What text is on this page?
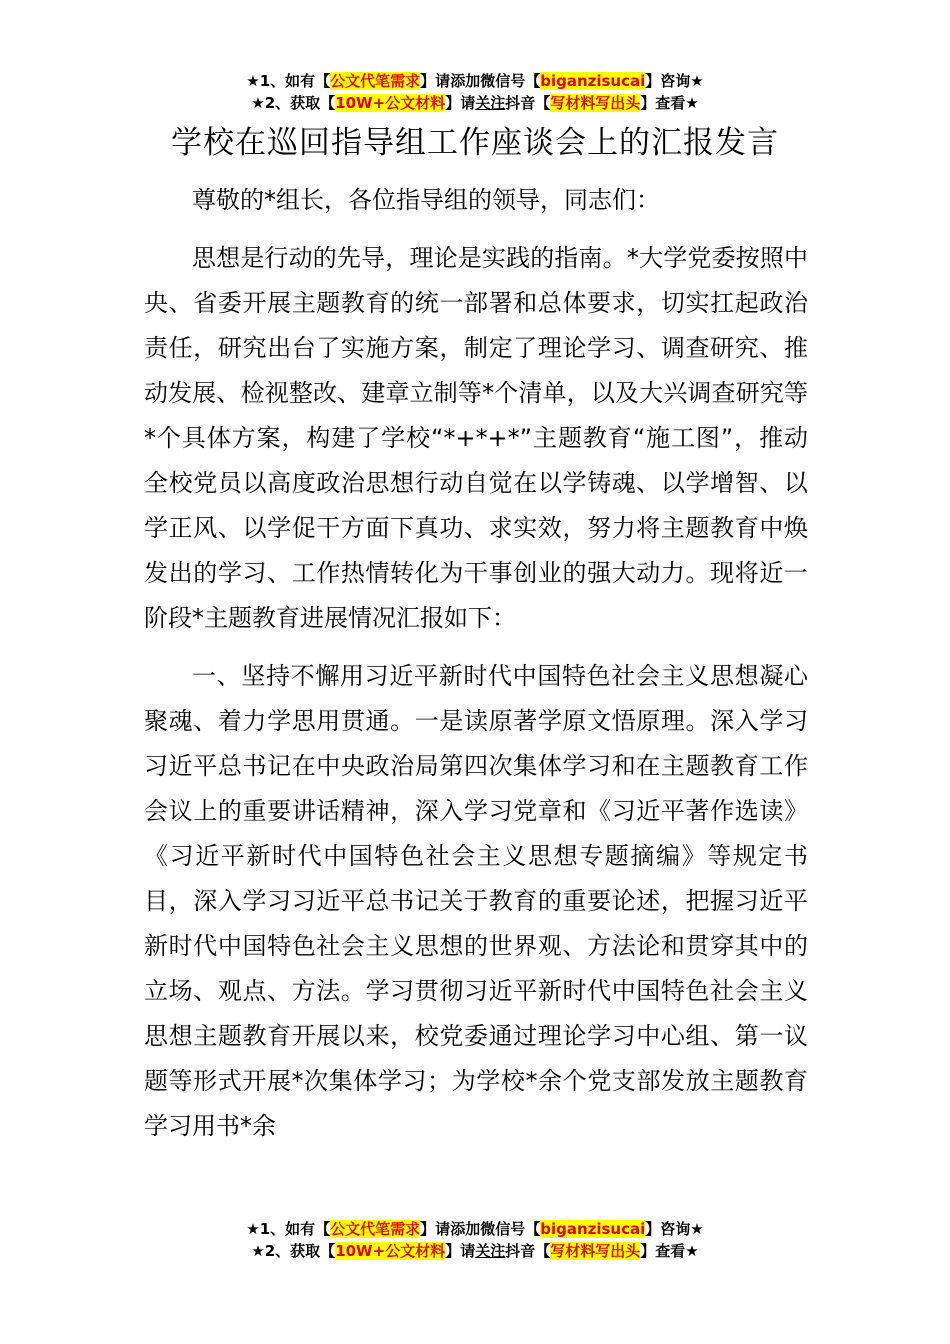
★1、如有【公文代笔需求】请添加微信号【biganzisucai】咨询★
★2、获取【10W+公文材料】请关注抖音【写材料写出头】查看★
学校在巡回指导组工作座谈会上的汇报发言

尊敬的*组长，各位指导组的领导，同志们：

思想是行动的先导，理论是实践的指南。*大学党委按照中央、省委开展主题教育的统一部署和总体要求，切实扛起政治责任，研究出台了实施方案，制定了理论学习、调查研究、推动发展、检视整改、建章立制等*个清单，以及大兴调查研究等*个具体方案，构建了学校“*+*+*”主题教育“施工图”，推动全校党员以高度政治思想行动自觉在以学铸魂、以学增智、以学正风、以学促干方面下真功、求实效，努力将主题教育中焕发出的学习、工作热情转化为干事创业的强大动力。现将近一阶段*主题教育进展情况汇报如下：

一、坚持不懈用习近平新时代中国特色社会主义思想凝心聚魂、着力学思用贯通。一是读原著学原文悟原理。深入学习习近平总书记在中央政治局第四次集体学习和在主题教育工作会议上的重要讲话精神，深入学习党章和《习近平著作选读》《习近平新时代中国特色社会主义思想专题摘编》等规定书目，深入学习习近平总书记关于教育的重要论述，把握习近平新时代中国特色社会主义思想的世界观、方法论和贯穿其中的立场、观点、方法。学习贯彻习近平新时代中国特色社会主义思想主题教育开展以来，校党委通过理论学习中心组、第一议题等形式开展*次集体学习；为学校*余个党支部发放主题教育学习用书*余

★1、如有【公文代笔需求】请添加微信号【biganzisucai】咨询★
★2、获取【10W+公文材料】请关注抖音【写材料写出头】查看★
